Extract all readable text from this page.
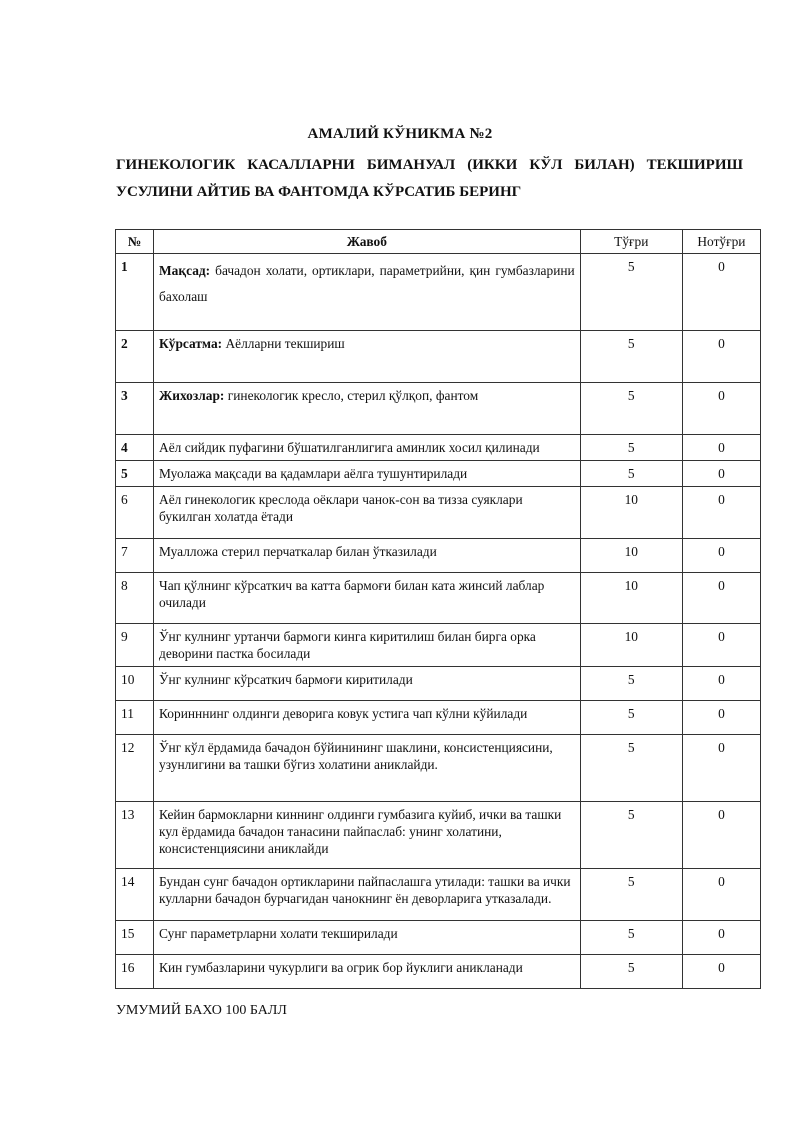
АМАЛИЙ КЎНИКМА №2
ГИНЕКОЛОГИК КАСАЛЛАРНИ БИМАНУАЛ (ИККИ КЎЛ БИЛАН) ТЕКШИРИШ
УСУЛИНИ АЙТИБ ВА ФАНТОМДА КЎРСАТИБ БЕРИНГ
№	Жавоб	Тўғри	Нотўғри
1	Мақсад: бачадон холати, ортиклари, параметрийни, қин гумбазларини бахолаш	5	0
2	Кўрсатма: Аёлларни текшириш	5	0
3	Жихозлар: гинекологик кресло, стерил қўлқоп, фантом	5	0
4	Аёл сийдик пуфагини бўшатилганлигига аминлик хосил қилинади	5	0
5	Муолажа мақсади ва қадамлари аёлга тушунтирилади	5	0
6	Аёл гинекологик креслода оёклари чанок-сон ва тизза суяклари букилган холатда ётади	10	0
7	Муалложа стерил перчаткалар билан ўтказилади	10	0
8	Чап қўлнинг кўрсаткич ва катта бармоғи билан ката жинсий лаблар очилади	10	0
9	Ўнг кулнинг уртанчи бармоги кинга киритилиш билан бирга орка деворини пастка босилади	10	0
10	Ўнг кулнинг кўрсаткич бармоғи киритилади	5	0
11	Коринннинг олдинги деворига ковук устига чап кўлни кўйилади	5	0
12	Ўнг кўл ёрдамида бачадон бўйинининг шаклини, консистенциясини, узунлигини ва ташки бўгиз холатини аниклайди.	5	0
13	Кейин бармокларни киннинг олдинги гумбазига куйиб, ички ва ташки кул ёрдамида бачадон танасини пайпаслаб: унинг холатини, консистенциясини аниклайди	5	0
14	Бундан сунг бачадон ортикларини пайпаслашга утилади: ташки ва ички кулларни бачадон бурчагидан чанокнинг ён деворларига утказалади.	5	0
15	Сунг параметрларни холати текширилади	5	0
16	Кин гумбазларини чукурлиги ва огрик бор йуклиги аникланади	5	0
УМУМИЙ БАХО 100 БАЛЛ
